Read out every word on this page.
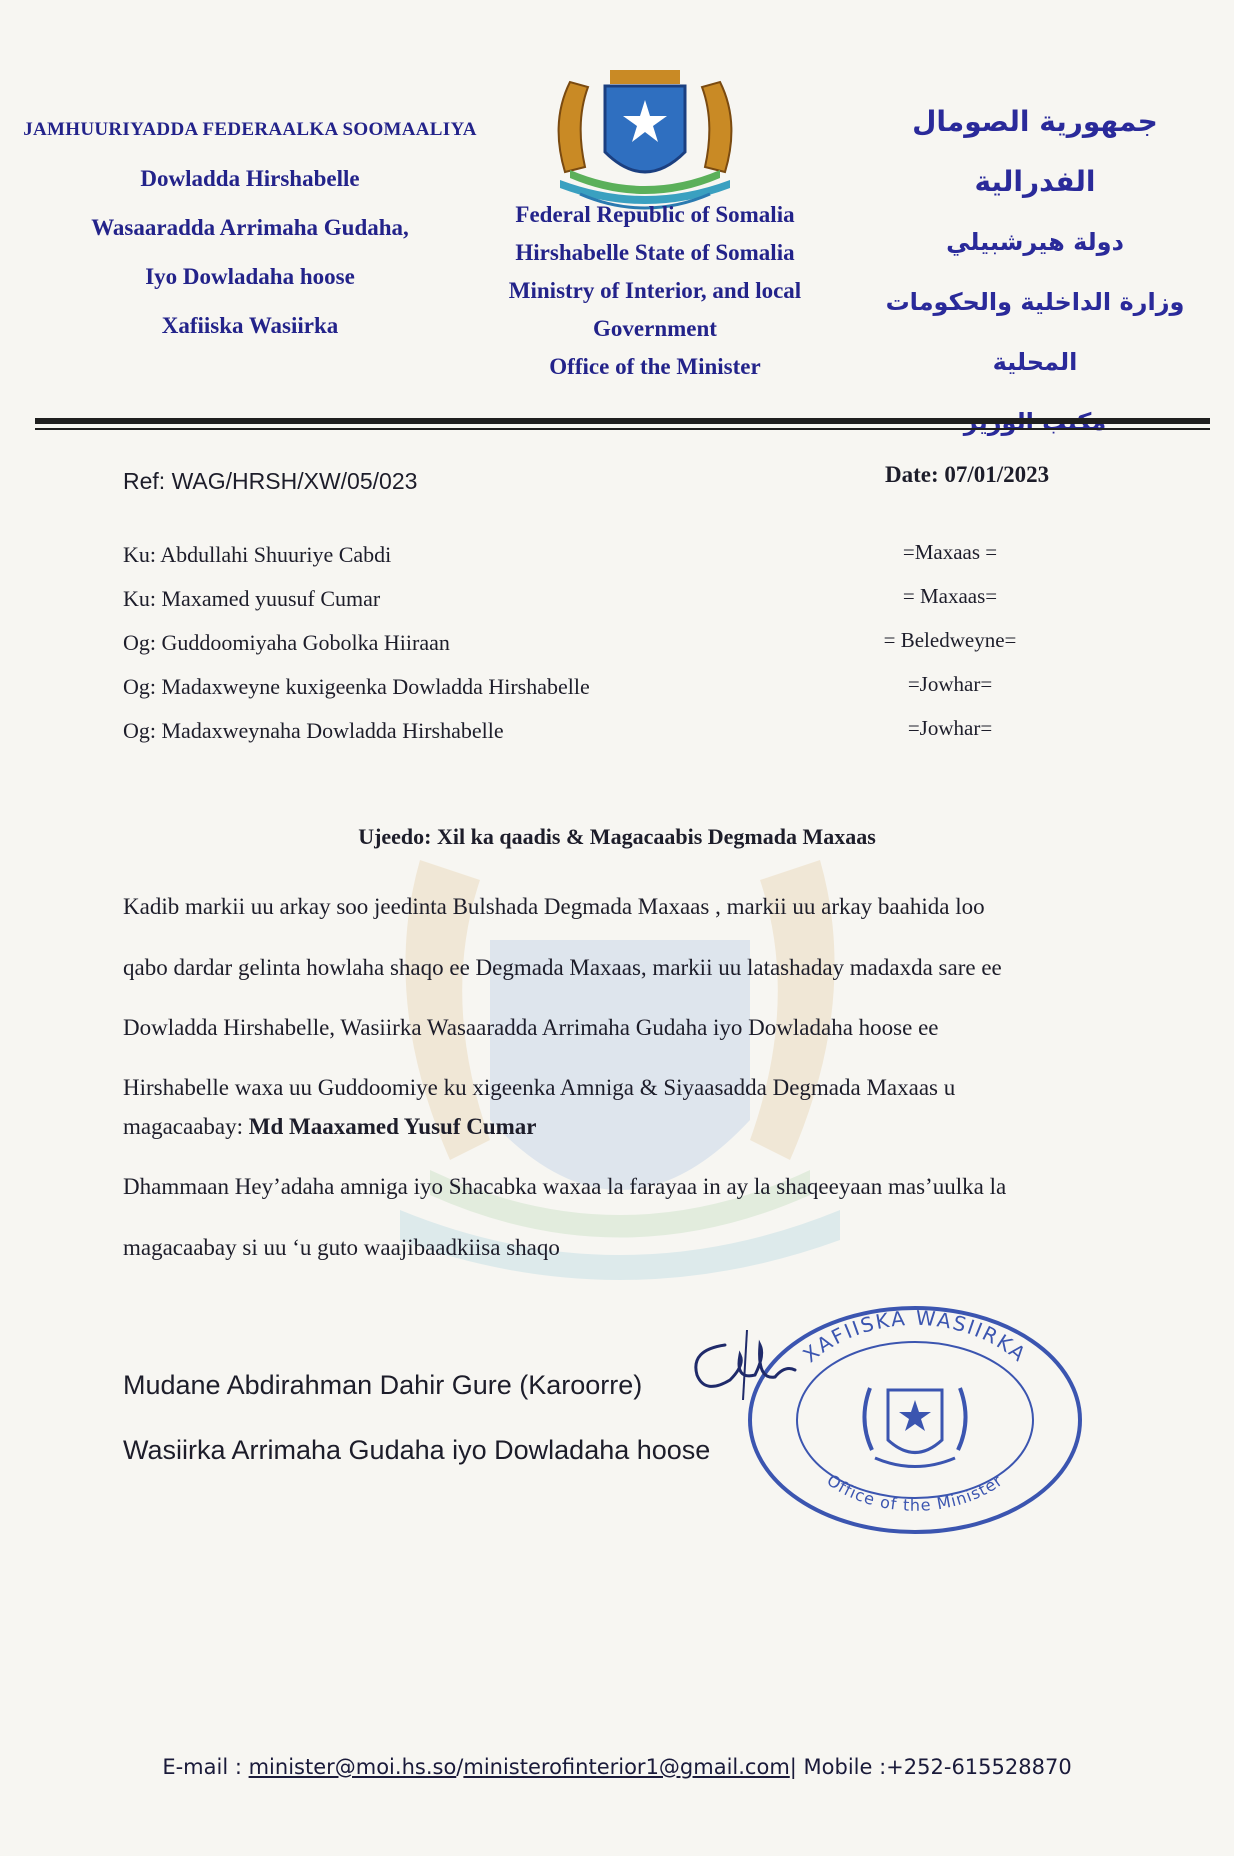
JAMHUURIYADDA FEDERAALKA SOOMAALIYA
Dowladda Hirshabelle
Wasaaradda Arrimaha Gudaha,
Iyo Dowladaha hoose
Xafiiska Wasiirka
Federal Republic of Somalia
Hirshabelle State of Somalia
Ministry of Interior, and local
Government
Office of the Minister
جمهورية الصومال الفدرالية
دولة هيرشبيلي
وزارة الداخلية والحكومات المحلية
Ref: WAG/HRSH/XW/05/023	Date: 07/01/2023
Ku: Abdullahi Shuuriye Cabdi
Ku: Maxamed yuusuf Cumar
Og: Guddoomiyaha Gobolka Hiiraan
Og: Madaxweyne kuxigeenka Dowladda Hirshabelle
Og: Madaxweynaha Dowladda Hirshabelle
=Maxaas =
= Maxaas=
= Beledweyne=
=Jowhar=
=Jowhar=
Ujeedo: Xil ka qaadis & Magacaabis Degmada Maxaas
Kadib markii uu arkay soo jeedinta Bulshada Degmada Maxaas , markii uu arkay baahida loo
qabo dardar gelinta howlaha shaqo ee Degmada Maxaas, markii uu latashaday madaxda sare ee
Dowladda Hirshabelle, Wasiirka Wasaaradda Arrimaha Gudaha iyo Dowladaha hoose ee
Hirshabelle waxa uu Guddoomiye ku xigeenka Amniga & Siyaasadda Degmada Maxaas u
magacaabay: Md Maaxamed Yusuf Cumar
Dhammaan Hey’adaha amniga iyo Shacabka waxaa la farayaa in ay la shaqeeyaan mas’uulka la
magacaabay si uu ‘u guto waajibaadkiisa shaqo
Mudane Abdirahman Dahir Gure (Karoorre)
Wasiirka Arrimaha Gudaha iyo Dowladaha hoose
XAFIISKA WASIIRKA
Office of the Minister
E-mail : minister@moi.hs.so/ministerofinterior1@gmail.com| Mobile :+252-615528870
